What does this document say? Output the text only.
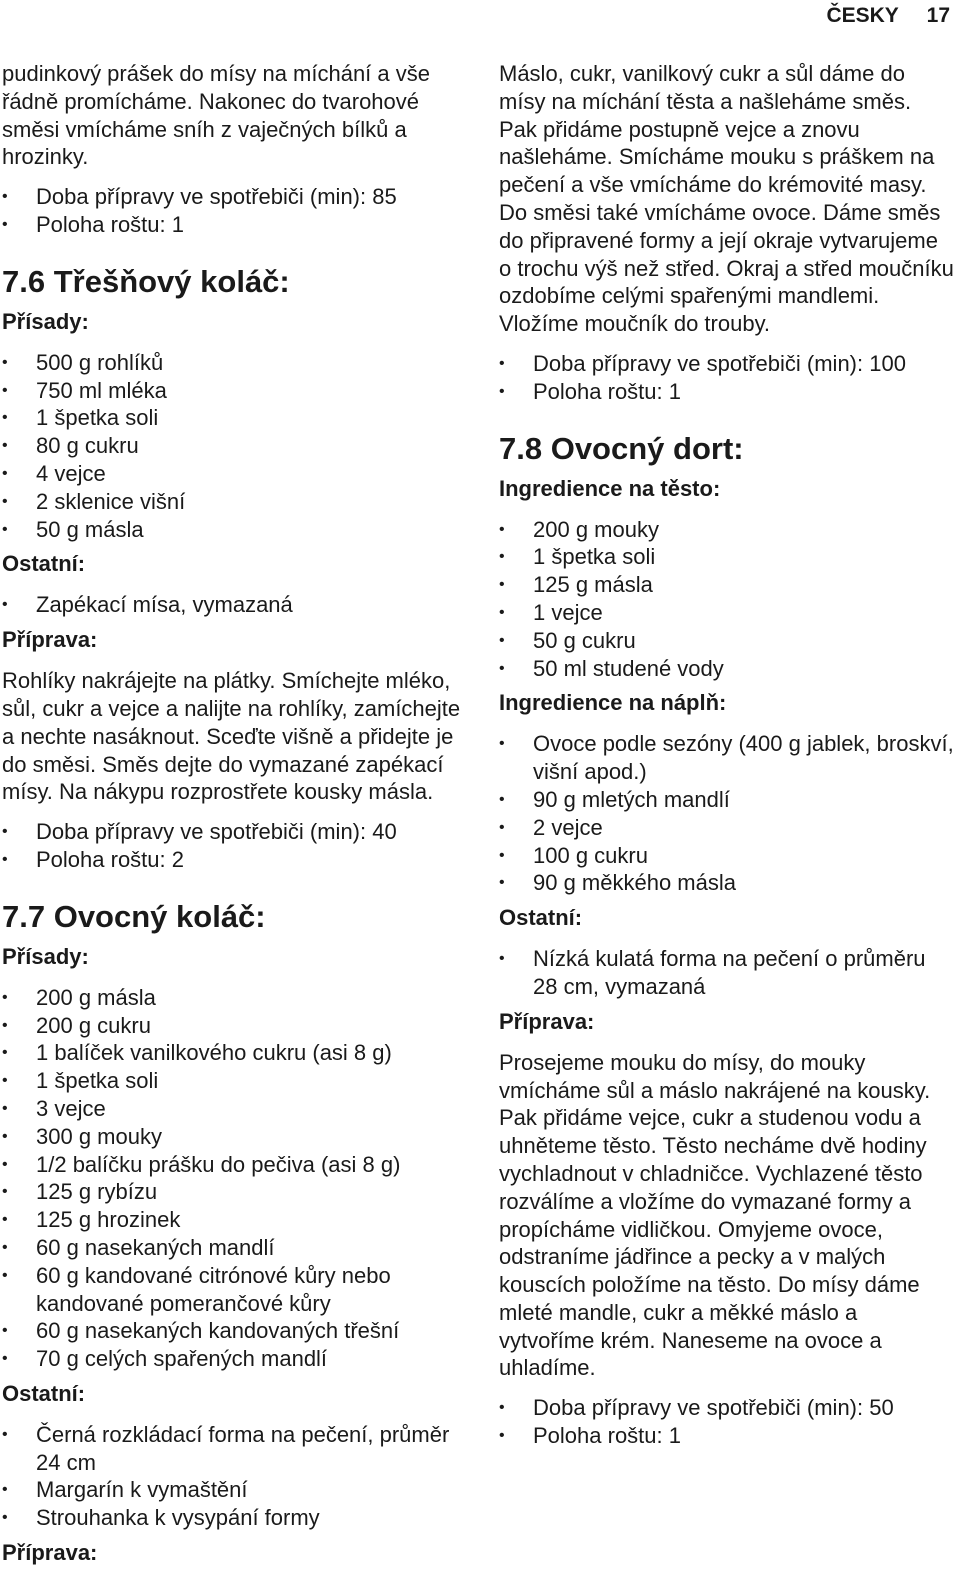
ČESKY 17

pudinkový prášek do mísy na míchání a vše řádně promícháme. Nakonec do tvarohové směsi vmícháme sníh z vaječných bílků a hrozinky.

• Doba přípravy ve spotřebiči (min): 85
• Poloha roštu: 1
7.6 Třešňový koláč:
Přísady:
• 500 g rohlíků
• 750 ml mléka
• 1 špetka soli
• 80 g cukru
• 4 vejce
• 2 sklenice višní
• 50 g másla
Ostatní:
• Zapékací mísa, vymazaná
Příprava:

Rohlíky nakrájejte na plátky. Smíchejte mléko, sůl, cukr a vejce a nalijte na rohlíky, zamíchejte a nechte nasáknout. Sceďte višně a přidejte je do směsi. Směs dejte do vymazané zapékací mísy. Na nákypu rozprostřete kousky másla.

• Doba přípravy ve spotřebiči (min): 40
• Poloha roštu: 2
7.7 Ovocný koláč:
Přísady:
• 200 g másla
• 200 g cukru
• 1 balíček vanilkového cukru (asi 8 g)
• 1 špetka soli
• 3 vejce
• 300 g mouky
• 1/2 balíčku prášku do pečiva (asi 8 g)
• 125 g rybízu
• 125 g hrozinek
• 60 g nasekaných mandlí
• 60 g kandované citrónové kůry nebo kandované pomerančové kůry
• 60 g nasekaných kandovaných třešní
• 70 g celých spařených mandlí
Ostatní:
• Černá rozkládací forma na pečení, průměr 24 cm
• Margarín k vymaštění
• Strouhanka k vysypání formy
Příprava:

Máslo, cukr, vanilkový cukr a sůl dáme do mísy na míchání těsta a našleháme směs. Pak přidáme postupně vejce a znovu našleháme. Smícháme mouku s práškem na pečení a vše vmícháme do krémovité masy. Do směsi také vmícháme ovoce. Dáme směs do připravené formy a její okraje vytvarujeme o trochu výš než střed. Okraj a střed moučníku ozdobíme celými spařenými mandlemi. Vložíme moučník do trouby.

• Doba přípravy ve spotřebiči (min): 100
• Poloha roštu: 1
7.8 Ovocný dort:
Ingredience na těsto:
• 200 g mouky
• 1 špetka soli
• 125 g másla
• 1 vejce
• 50 g cukru
• 50 ml studené vody
Ingredience na náplň:
• Ovoce podle sezóny (400 g jablek, broskví, višní apod.)
• 90 g mletých mandlí
• 2 vejce
• 100 g cukru
• 90 g měkkého másla
Ostatní:
• Nízká kulatá forma na pečení o průměru 28 cm, vymazaná
Příprava:

Prosejeme mouku do mísy, do mouky vmícháme sůl a máslo nakrájené na kousky. Pak přidáme vejce, cukr a studenou vodu a uhněteme těsto. Těsto necháme dvě hodiny vychladnout v chladničce. Vychlazené těsto rozválíme a vložíme do vymazané formy a propícháme vidličkou. Omyjeme ovoce, odstraníme jádřince a pecky a v malých kouscích položíme na těsto. Do mísy dáme mleté mandle, cukr a měkké máslo a vytvoříme krém. Naneseme na ovoce a uhladíme.

• Doba přípravy ve spotřebiči (min): 50
• Poloha roštu: 1
